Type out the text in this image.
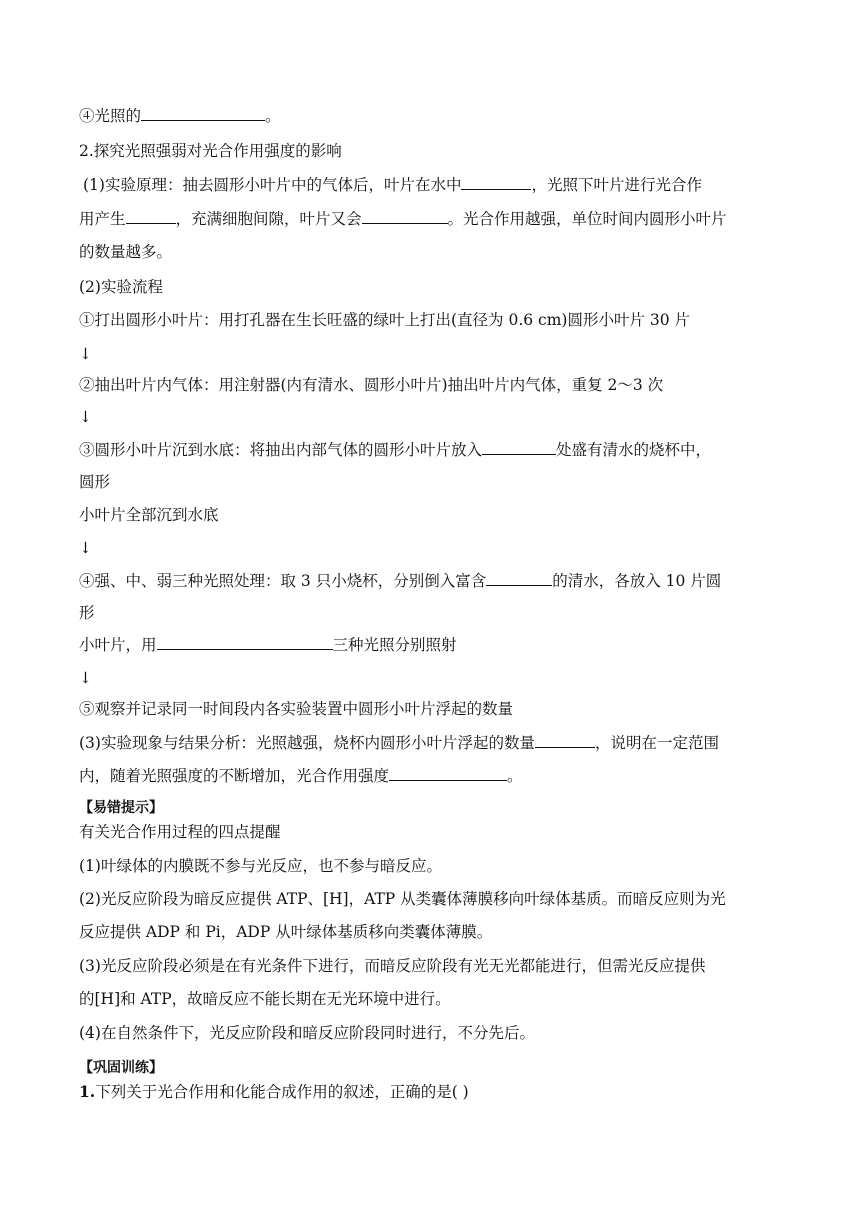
④光照的	。
2.探究光照强弱对光合作用强度的影响
(1)实验原理：抽去圆形小叶片中的气体后，叶片在水中	，光照下叶片进行光合作
用产生	，充满细胞间隙，叶片又会	。光合作用越强，单位时间内圆形小叶片
的数量越多。
(2)实验流程
①打出圆形小叶片：用打孔器在生长旺盛的绿叶上打出(直径为 0.6 cm)圆形小叶片 30 片
↓
②抽出叶片内气体：用注射器(内有清水、圆形小叶片)抽出叶片内气体，重复 2～3 次
↓
③圆形小叶片沉到水底：将抽出内部气体的圆形小叶片放入	处盛有清水的烧杯中，
圆形
小叶片全部沉到水底
↓
④强、中、弱三种光照处理：取 3 只小烧杯，分别倒入富含	的清水，各放入 10 片圆
形
小叶片，用	三种光照分别照射
↓
⑤观察并记录同一时间段内各实验装置中圆形小叶片浮起的数量
(3)实验现象与结果分析：光照越强，烧杯内圆形小叶片浮起的数量	，说明在一定范围
内，随着光照强度的不断增加，光合作用强度	。
【易错提示】
有关光合作用过程的四点提醒
(1)叶绿体的内膜既不参与光反应，也不参与暗反应。
(2)光反应阶段为暗反应提供 ATP、[H]，ATP 从类囊体薄膜移向叶绿体基质。而暗反应则为光
反应提供 ADP 和 Pi，ADP 从叶绿体基质移向类囊体薄膜。
(3)光反应阶段必须是在有光条件下进行，而暗反应阶段有光无光都能进行，但需光反应提供
的[H]和 ATP，故暗反应不能长期在无光环境中进行。
(4)在自然条件下，光反应阶段和暗反应阶段同时进行，不分先后。
【巩固训练】
1.下列关于光合作用和化能合成作用的叙述，正确的是( )
